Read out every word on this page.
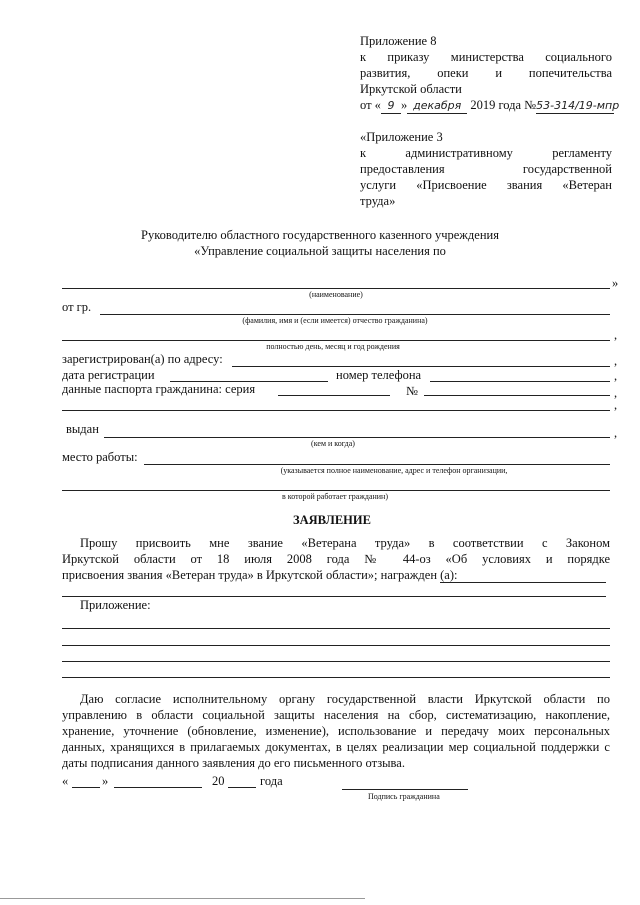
Приложение 8
к приказу министерства социального
развития, опеки и попечительства
Иркутской области
от « 9 » декабря 2019 года №53-314/19-мпр
«Приложение 3
к административному регламенту
предоставления государственной
услуги «Присвоение звания «Ветеран
труда»
Руководителю областного государственного казенного учреждения
«Управление социальной защиты населения по
»
(наименование)
от гр.
(фамилия, имя и (если имеется) отчество гражданина)
,
полностью день, месяц и год рождения
зарегистрирован(а) по адресу:	,
дата регистрации	номер телефона	,
данные паспорта гражданина: серия	№	,
,
выдан	,
(кем и когда)
место работы:
(указывается полное наименование, адрес и телефон организации,
в которой работает гражданин)
ЗАЯВЛЕНИЕ
Прошу присвоить мне звание «Ветерана труда» в соответствии с Законом
Иркутской области от 18 июля 2008 года № 44-оз «Об условиях и порядке
присвоения звания «Ветеран труда» в Иркутской области»; награжден (а):
Приложение:
Даю согласие исполнительному органу государственной власти Иркутской области по
управлению в области социальной защиты населения на сбор, систематизацию, накопление,
хранение, уточнение (обновление, изменение), использование и передачу моих персональных
данных, хранящихся в прилагаемых документах, в целях реализации мер социальной поддержки с
даты подписания данного заявления до его письменного отзыва.
«	»	20	года
Подпись гражданина
